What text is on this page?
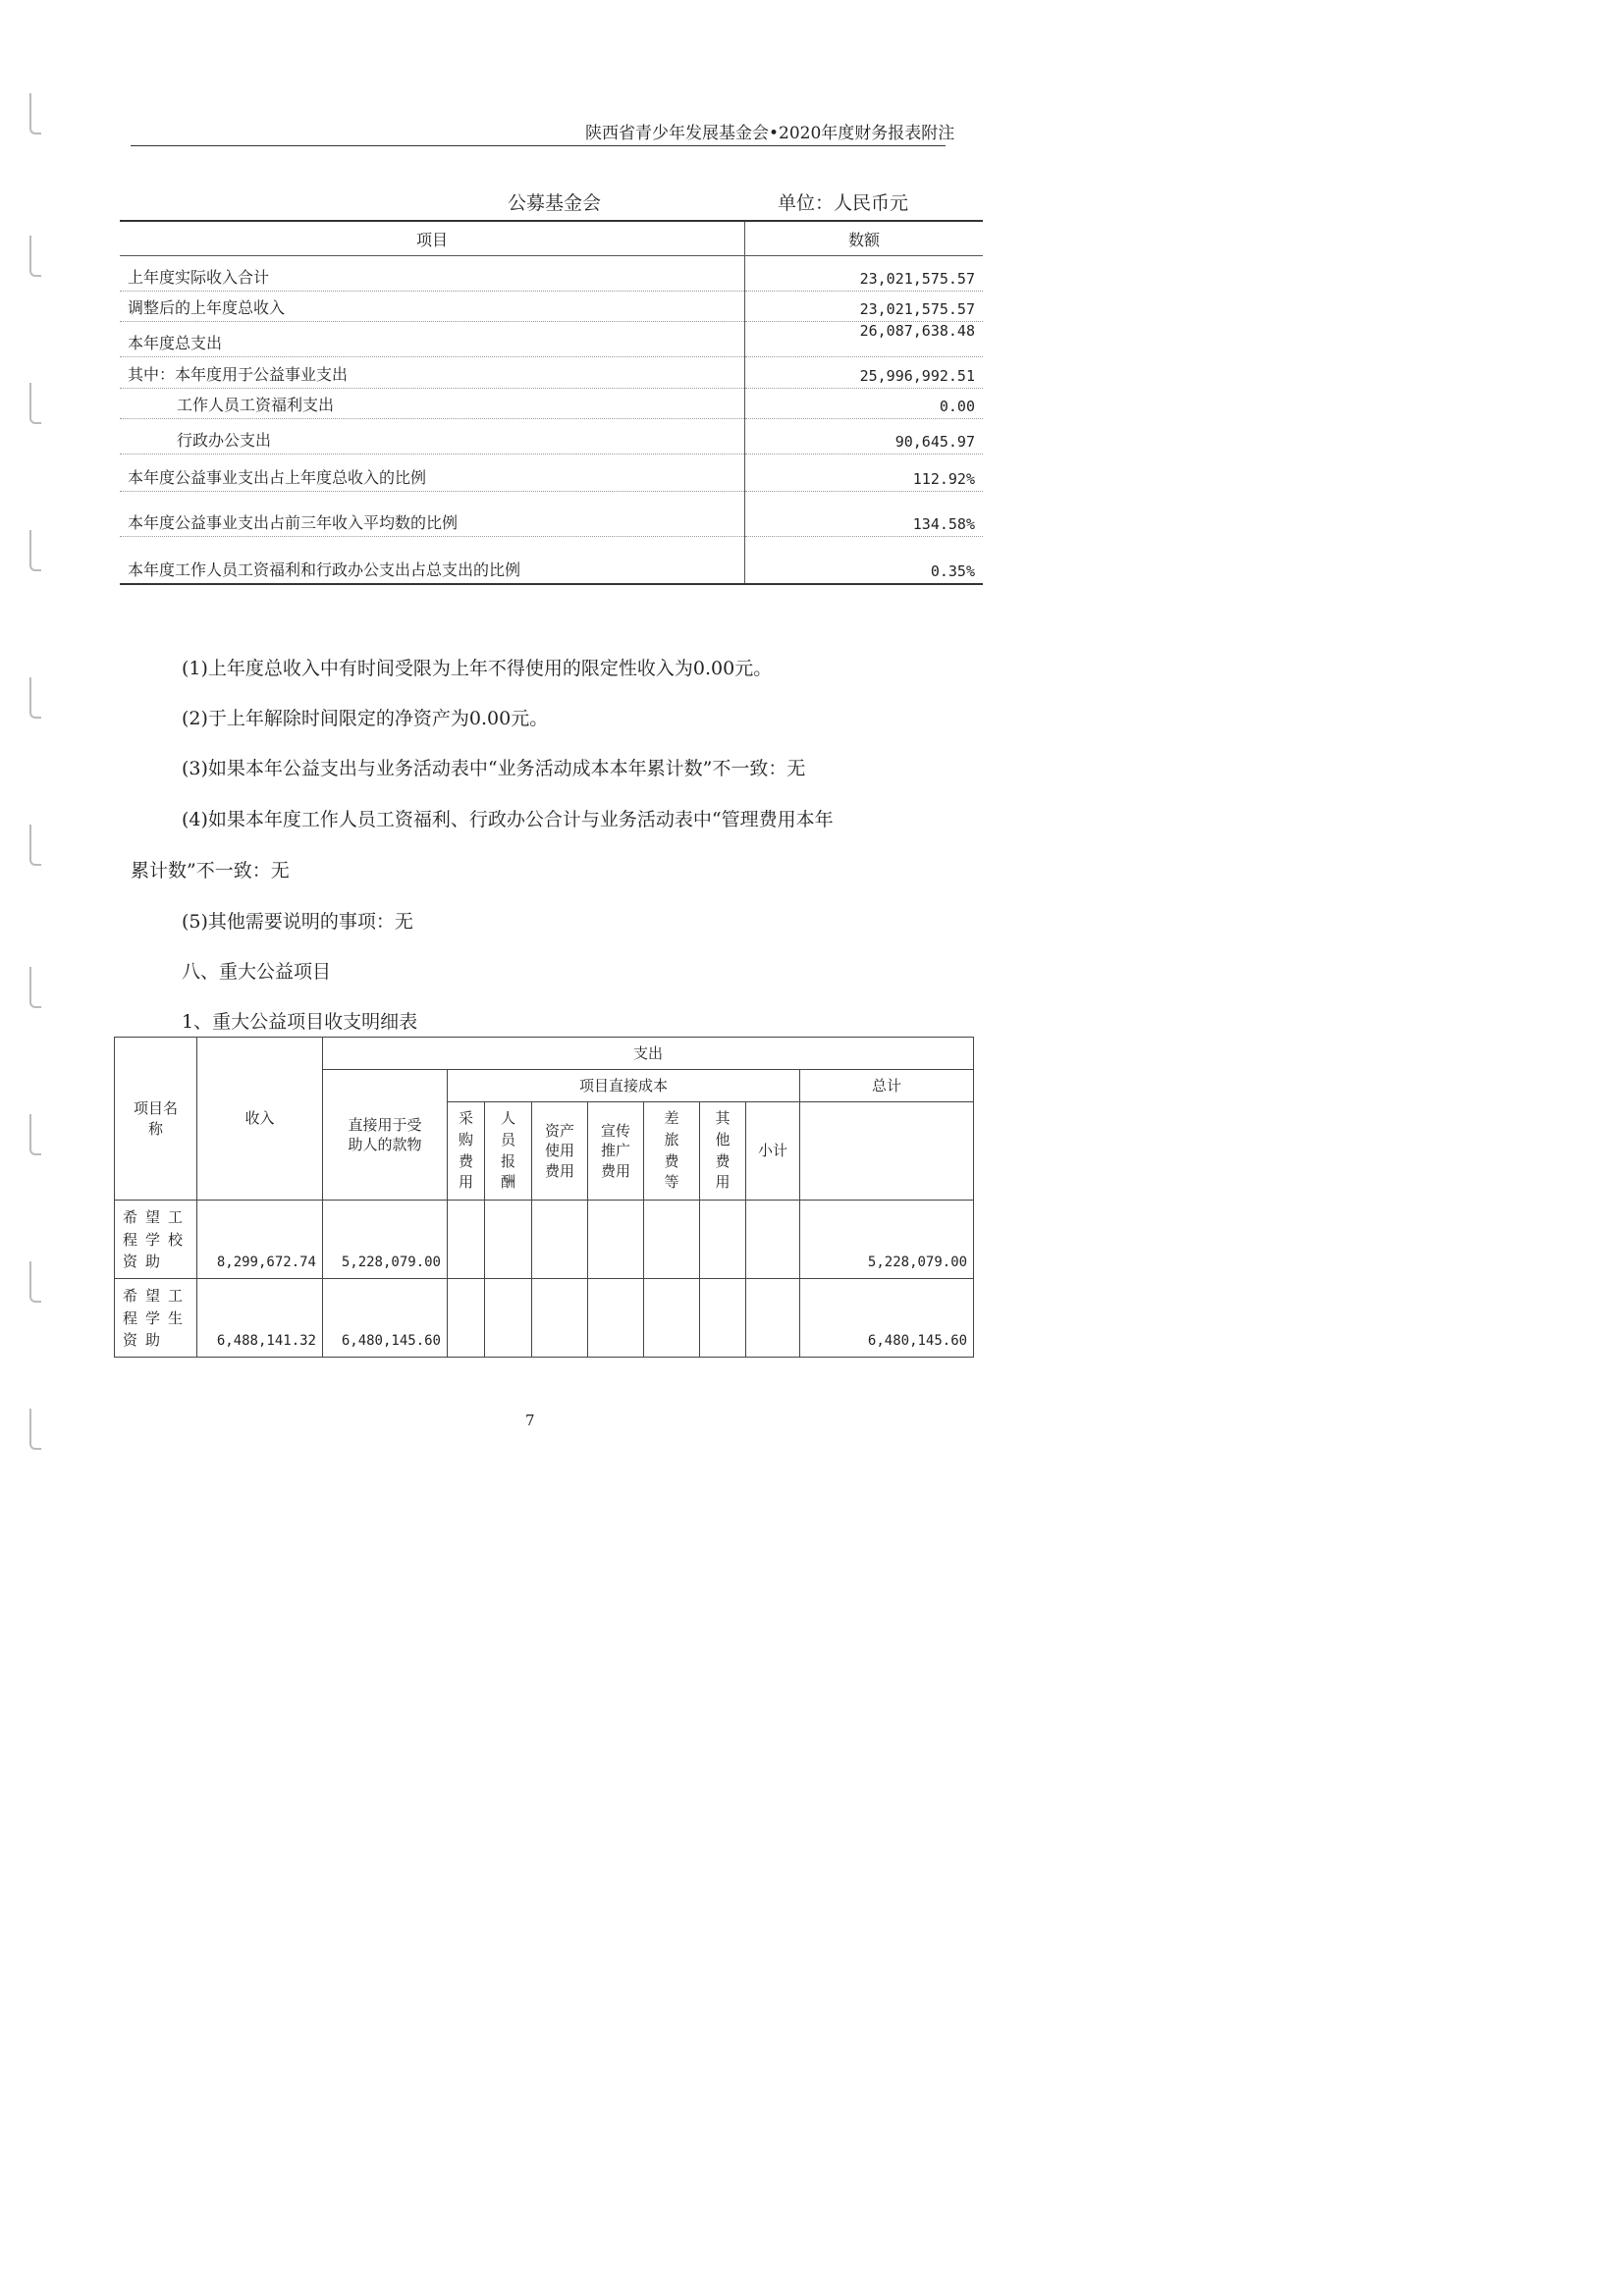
陕西省青少年发展基金会•2020年度财务报表附注
公募基金会	单位：人民币元
项目	数额
上年度实际收入合计	23,021,575.57
调整后的上年度总收入	23,021,575.57
本年度总支出	26,087,638.48
其中：本年度用于公益事业支出	25,996,992.51
工作人员工资福利支出	0.00
行政办公支出	90,645.97
本年度公益事业支出占上年度总收入的比例	112.92%
本年度公益事业支出占前三年收入平均数的比例	134.58%
本年度工作人员工资福利和行政办公支出占总支出的比例	0.35%
(1)上年度总收入中有时间受限为上年不得使用的限定性收入为0.00元。
(2)于上年解除时间限定的净资产为0.00元。
(3)如果本年公益支出与业务活动表中“业务活动成本本年累计数”不一致：无
(4)如果本年度工作人员工资福利、行政办公合计与业务活动表中“管理费用本年
累计数”不一致：无
(5)其他需要说明的事项：无
八、重大公益项目
1、重大公益项目收支明细表
项目名称	收入	支出								
		直接用于受助人的款物	项目直接成本							总计
			采购费用	人员报酬	资产使用费用	宣传推广费用	差旅费等	其他费用	小计	
希望工程学校资助	8,299,672.74	5,228,079.00								5,228,079.00
希望工程学生资助	6,488,141.32	6,480,145.60								6,480,145.60
7
